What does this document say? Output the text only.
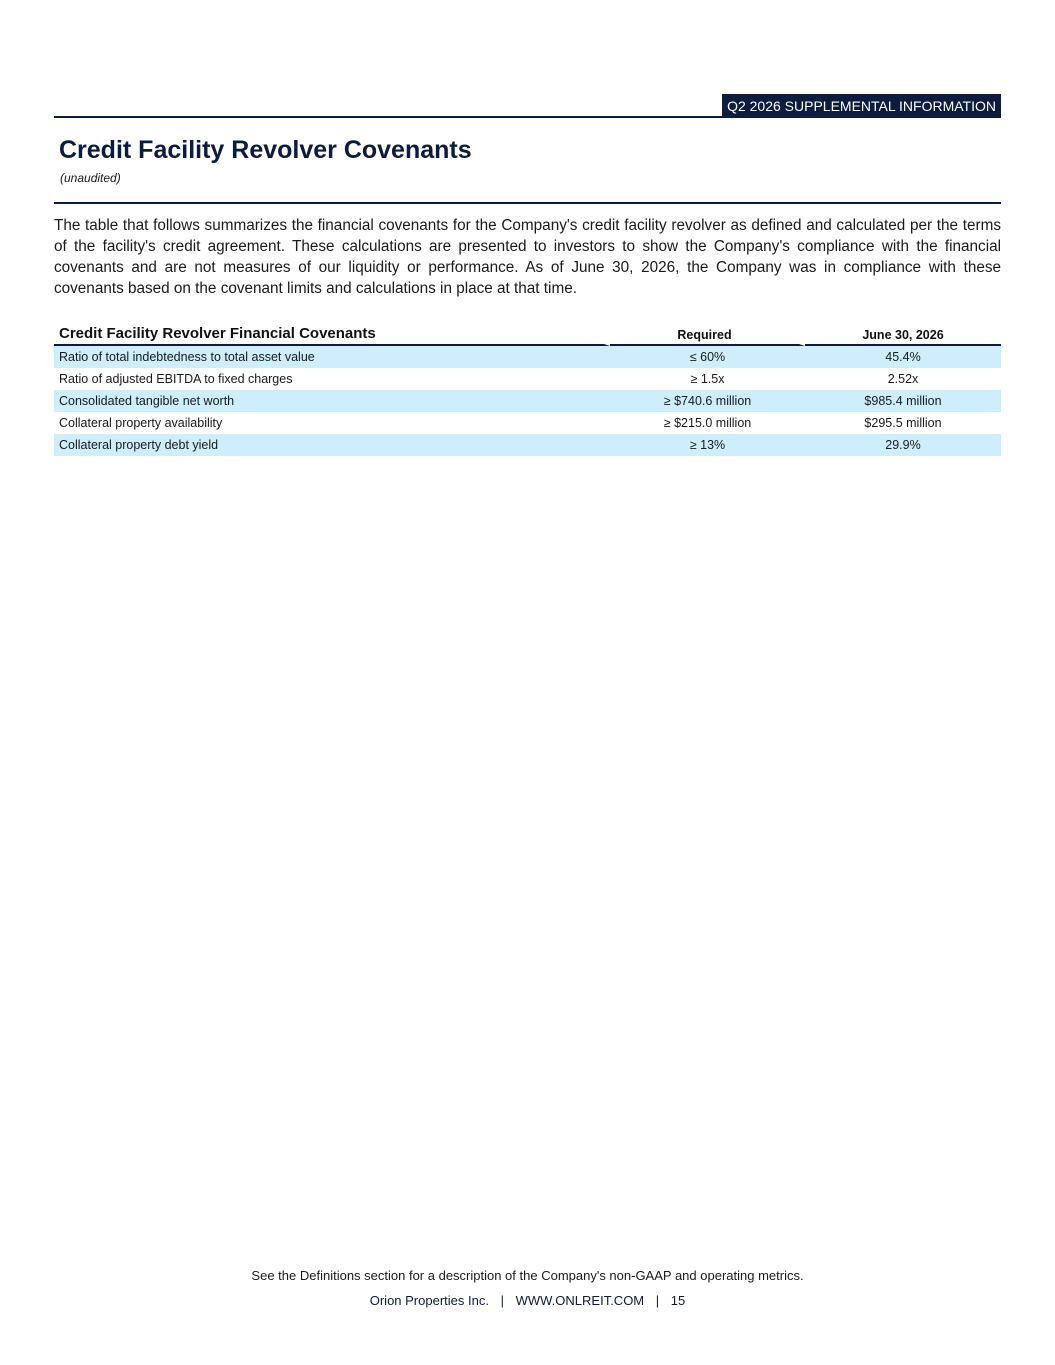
Q2 2026 SUPPLEMENTAL INFORMATION
Credit Facility Revolver Covenants
(unaudited)

The table that follows summarizes the financial covenants for the Company's credit facility revolver as defined and calculated per the terms of the facility's credit agreement. These calculations are presented to investors to show the Company's compliance with the financial covenants and are not measures of our liquidity or performance. As of June 30, 2026, the Company was in compliance with these covenants based on the covenant limits and calculations in place at that time.

Credit Facility Revolver Financial Covenants	Required	June 30, 2026
Ratio of total indebtedness to total asset value	≤ 60%	45.4%
Ratio of adjusted EBITDA to fixed charges	≥ 1.5x	2.52x
Consolidated tangible net worth	≥ $740.6 million	$985.4 million
Collateral property availability	≥ $215.0 million	$295.5 million
Collateral property debt yield	≥ 13%	29.9%
See the Definitions section for a description of the Company's non-GAAP and operating metrics.
Orion Properties Inc. | WWW.ONLREIT.COM | 15
